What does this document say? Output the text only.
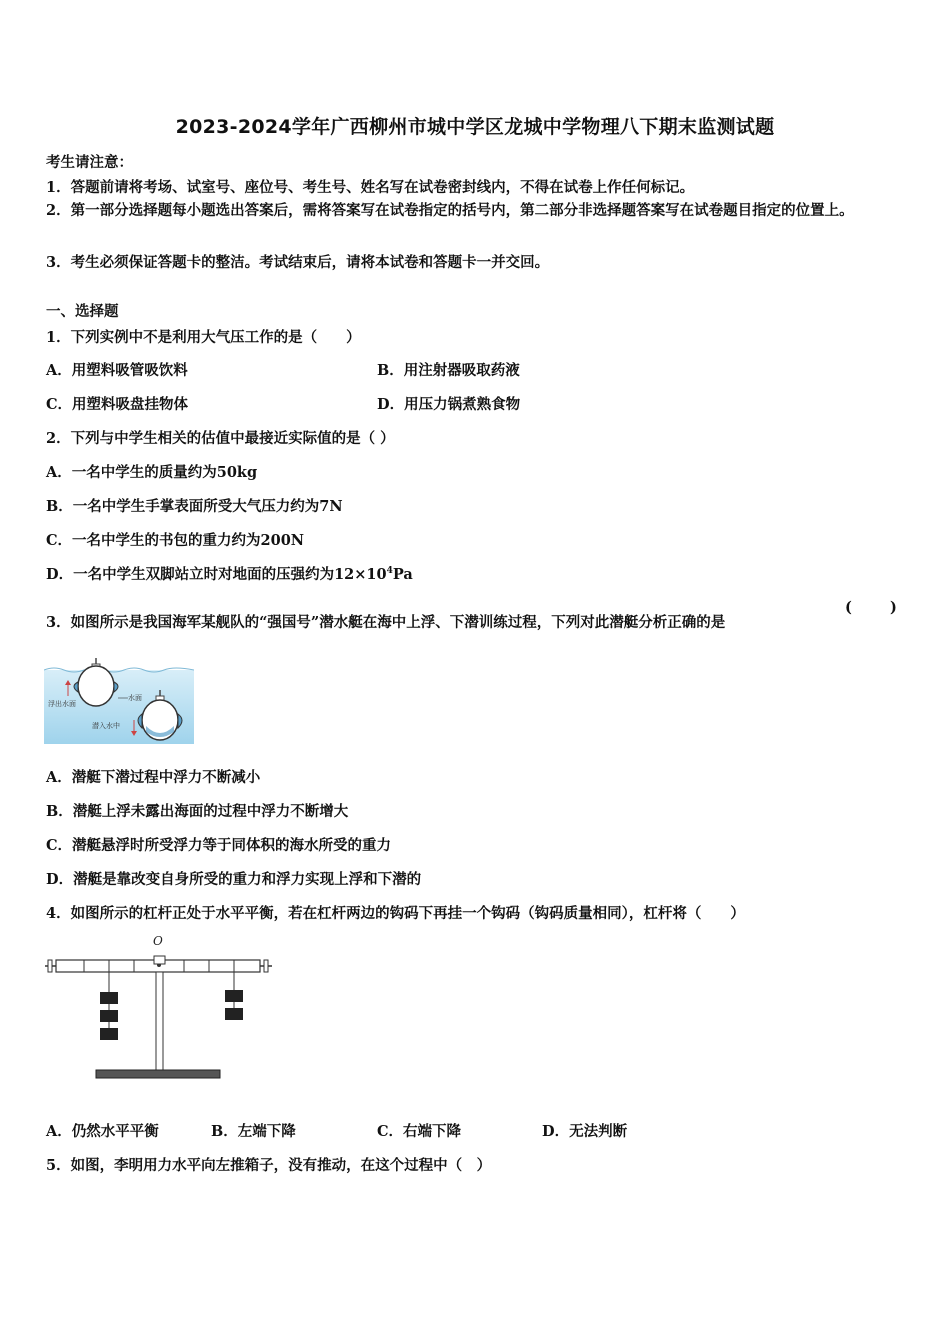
2023-2024学年广西柳州市城中学区龙城中学物理八下期末监测试题
考生请注意：
1．答题前请将考场、试室号、座位号、考生号、姓名写在试卷密封线内，不得在试卷上作任何标记。
2．第一部分选择题每小题选出答案后，需将答案写在试卷指定的括号内，第二部分非选择题答案写在试卷题目指定的位置上。
3．考生必须保证答题卡的整洁。考试结束后，请将本试卷和答题卡一并交回。
一、选择题
1．下列实例中不是利用大气压工作的是（　　）
A．用塑料吸管吸饮料	B．用注射器吸取药液
C．用塑料吸盘挂物体	D．用压力锅煮熟食物
2．下列与中学生相关的估值中最接近实际值的是（ ）
A．一名中学生的质量约为50kg
B．一名中学生手掌表面所受大气压力约为7N
C．一名中学生的书包的重力约为200N
D．一名中学生双脚站立时对地面的压强约为$12\times 10^4Pa$
3．如图所示是我国海军某舰队的“强国号”潜水艇在海中上浮、下潜训练过程，下列对此潜艇分析正确的是
(	)
浮出水面
水面
潜入水中
A．潜艇下潜过程中浮力不断减小
B．潜艇上浮未露出海面的过程中浮力不断增大
C．潜艇悬浮时所受浮力等于同体积的海水所受的重力
D．潜艇是靠改变自身所受的重力和浮力实现上浮和下潜的
4．如图所示的杠杆正处于水平平衡，若在杠杆两边的钩码下再挂一个钩码（钩码质量相同），杠杆将（　　）
O
A．仍然水平平衡	B．左端下降	C．右端下降	D．无法判断
5．如图，李明用力水平向左推箱子，没有推动，在这个过程中（　）
